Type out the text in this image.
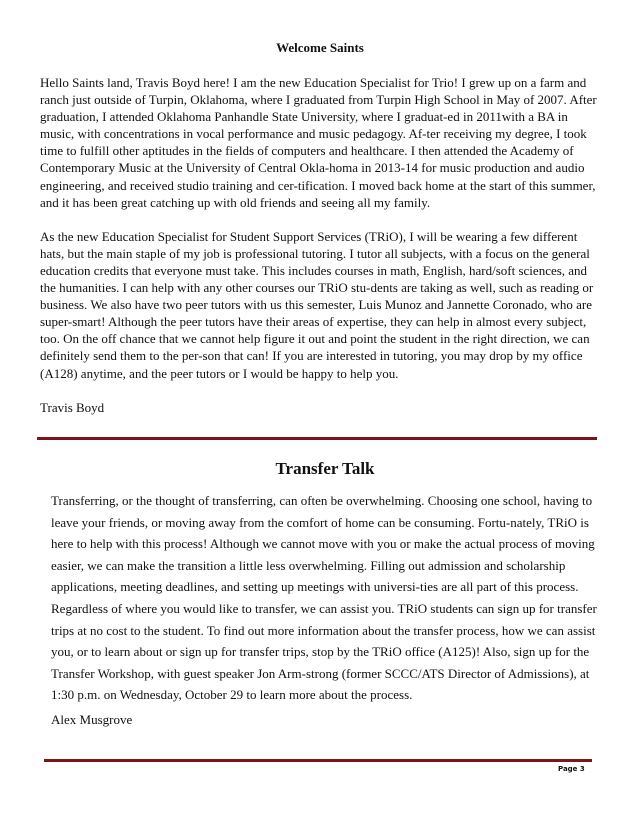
Welcome Saints

Hello Saints land, Travis Boyd here! I am the new Education Specialist for Trio! I grew up on a farm and ranch just outside of Turpin, Oklahoma, where I graduated from Turpin High School in May of 2007. After graduation, I attended Oklahoma Panhandle State University, where I graduat-ed in 2011with a BA in music, with concentrations in vocal performance and music pedagogy. Af-ter receiving my degree, I took time to fulfill other aptitudes in the fields of computers and healthcare. I then attended the Academy of Contemporary Music at the University of Central Okla-homa in 2013-14 for music production and audio engineering, and received studio training and cer-tification. I moved back home at the start of this summer, and it has been great catching up with old friends and seeing all my family.

As the new Education Specialist for Student Support Services (TRiO), I will be wearing a few different hats, but the main staple of my job is professional tutoring. I tutor all subjects, with a focus on the general education credits that everyone must take. This includes courses in math, English, hard/soft sciences, and the humanities. I can help with any other courses our TRiO stu-dents are taking as well, such as reading or business. We also have two peer tutors with us this semester, Luis Munoz and Jannette Coronado, who are super-smart! Although the peer tutors have their areas of expertise, they can help in almost every subject, too. On the off chance that we cannot help figure it out and point the student in the right direction, we can definitely send them to the per-son that can! If you are interested in tutoring, you may drop by my office (A128) anytime, and the peer tutors or I would be happy to help you.

Travis Boyd

Transfer Talk

Transferring, or the thought of transferring, can often be overwhelming. Choosing one school, having to leave your friends, or moving away from the comfort of home can be consuming. Fortu-nately, TRiO is here to help with this process! Although we cannot move with you or make the actual process of moving easier, we can make the transition a little less overwhelming. Filling out admission and scholarship applications, meeting deadlines, and setting up meetings with universi-ties are all part of this process. Regardless of where you would like to transfer, we can assist you. TRiO students can sign up for transfer trips at no cost to the student. To find out more information about the transfer process, how we can assist you, or to learn about or sign up for transfer trips, stop by the TRiO office (A125)! Also, sign up for the Transfer Workshop, with guest speaker Jon Arm-strong (former SCCC/ATS Director of Admissions), at 1:30 p.m. on Wednesday, October 29 to learn more about the process.

Alex Musgrove

Page 3
